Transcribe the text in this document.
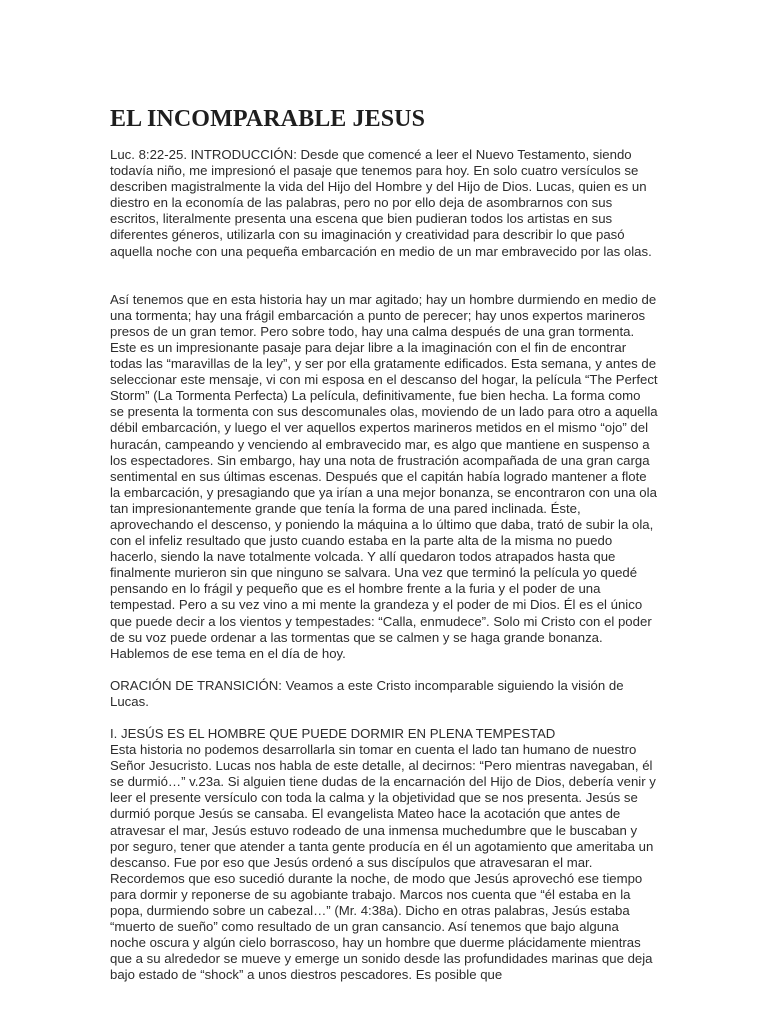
EL INCOMPARABLE JESUS

Luc. 8:22-25. INTRODUCCIÓN: Desde que comencé a leer el Nuevo Testamento, siendo todavía niño, me impresionó el pasaje que tenemos para hoy. En solo cuatro versículos se describen magistralmente la vida del Hijo del Hombre y del Hijo de Dios. Lucas, quien es un diestro en la economía de las palabras, pero no por ello deja de asombrarnos con sus escritos, literalmente presenta una escena que bien pudieran todos los artistas en sus diferentes géneros, utilizarla con su imaginación y creatividad para describir lo que pasó aquella noche con una pequeña embarcación en medio de un mar embravecido por las olas.

Así tenemos que en esta historia hay un mar agitado; hay un hombre durmiendo en medio de una tormenta; hay una frágil embarcación a punto de perecer; hay unos expertos marineros presos de un gran temor. Pero sobre todo, hay una calma después de una gran tormenta. Este es un impresionante pasaje para dejar libre a la imaginación con el fin de encontrar todas las “maravillas de la ley”, y ser por ella gratamente edificados. Esta semana, y antes de seleccionar este mensaje, vi con mi esposa en el descanso del hogar, la película “The Perfect Storm” (La Tormenta Perfecta) La película, definitivamente, fue bien hecha. La forma como se presenta la tormenta con sus descomunales olas, moviendo de un lado para otro a aquella débil embarcación, y luego el ver aquellos expertos marineros metidos en el mismo “ojo” del huracán, campeando y venciendo al embravecido mar, es algo que mantiene en suspenso a los espectadores. Sin embargo, hay una nota de frustración acompañada de una gran carga sentimental en sus últimas escenas. Después que el capitán había logrado mantener a flote la embarcación, y presagiando que ya irían a una mejor bonanza, se encontraron con una ola tan impresionantemente grande que tenía la forma de una pared inclinada. Éste, aprovechando el descenso, y poniendo la máquina a lo último que daba, trató de subir la ola, con el infeliz resultado que justo cuando estaba en la parte alta de la misma no puedo hacerlo, siendo la nave totalmente volcada. Y allí quedaron todos atrapados hasta que finalmente murieron sin que ninguno se salvara. Una vez que terminó la película yo quedé pensando en lo frágil y pequeño que es el hombre frente a la furia y el poder de una tempestad. Pero a su vez vino a mi mente la grandeza y el poder de mi Dios. Él es el único que puede decir a los vientos y tempestades: “Calla, enmudece”. Solo mi Cristo con el poder de su voz puede ordenar a las tormentas que se calmen y se haga grande bonanza. Hablemos de ese tema en el día de hoy.

ORACIÓN DE TRANSICIÓN: Veamos a este Cristo incomparable siguiendo la visión de Lucas.

I. JESÚS ES EL HOMBRE QUE PUEDE DORMIR EN PLENA TEMPESTAD

Esta historia no podemos desarrollarla sin tomar en cuenta el lado tan humano de nuestro Señor Jesucristo. Lucas nos habla de este detalle, al decirnos: “Pero mientras navegaban, él se durmió…” v.23a. Si alguien tiene dudas de la encarnación del Hijo de Dios, debería venir y leer el presente versículo con toda la calma y la objetividad que se nos presenta. Jesús se durmió porque Jesús se cansaba. El evangelista Mateo hace la acotación que antes de atravesar el mar, Jesús estuvo rodeado de una inmensa muchedumbre que le buscaban y por seguro, tener que atender a tanta gente producía en él un agotamiento que ameritaba un descanso. Fue por eso que Jesús ordenó a sus discípulos que atravesaran el mar. Recordemos que eso sucedió durante la noche, de modo que Jesús aprovechó ese tiempo para dormir y reponerse de su agobiante trabajo. Marcos nos cuenta que “él estaba en la popa, durmiendo sobre un cabezal…” (Mr. 4:38a). Dicho en otras palabras, Jesús estaba “muerto de sueño” como resultado de un gran cansancio. Así tenemos que bajo alguna noche oscura y algún cielo borrascoso, hay un hombre que duerme plácidamente mientras que a su alrededor se mueve y emerge un sonido desde las profundidades marinas que deja bajo estado de “shock” a unos diestros pescadores. Es posible que
